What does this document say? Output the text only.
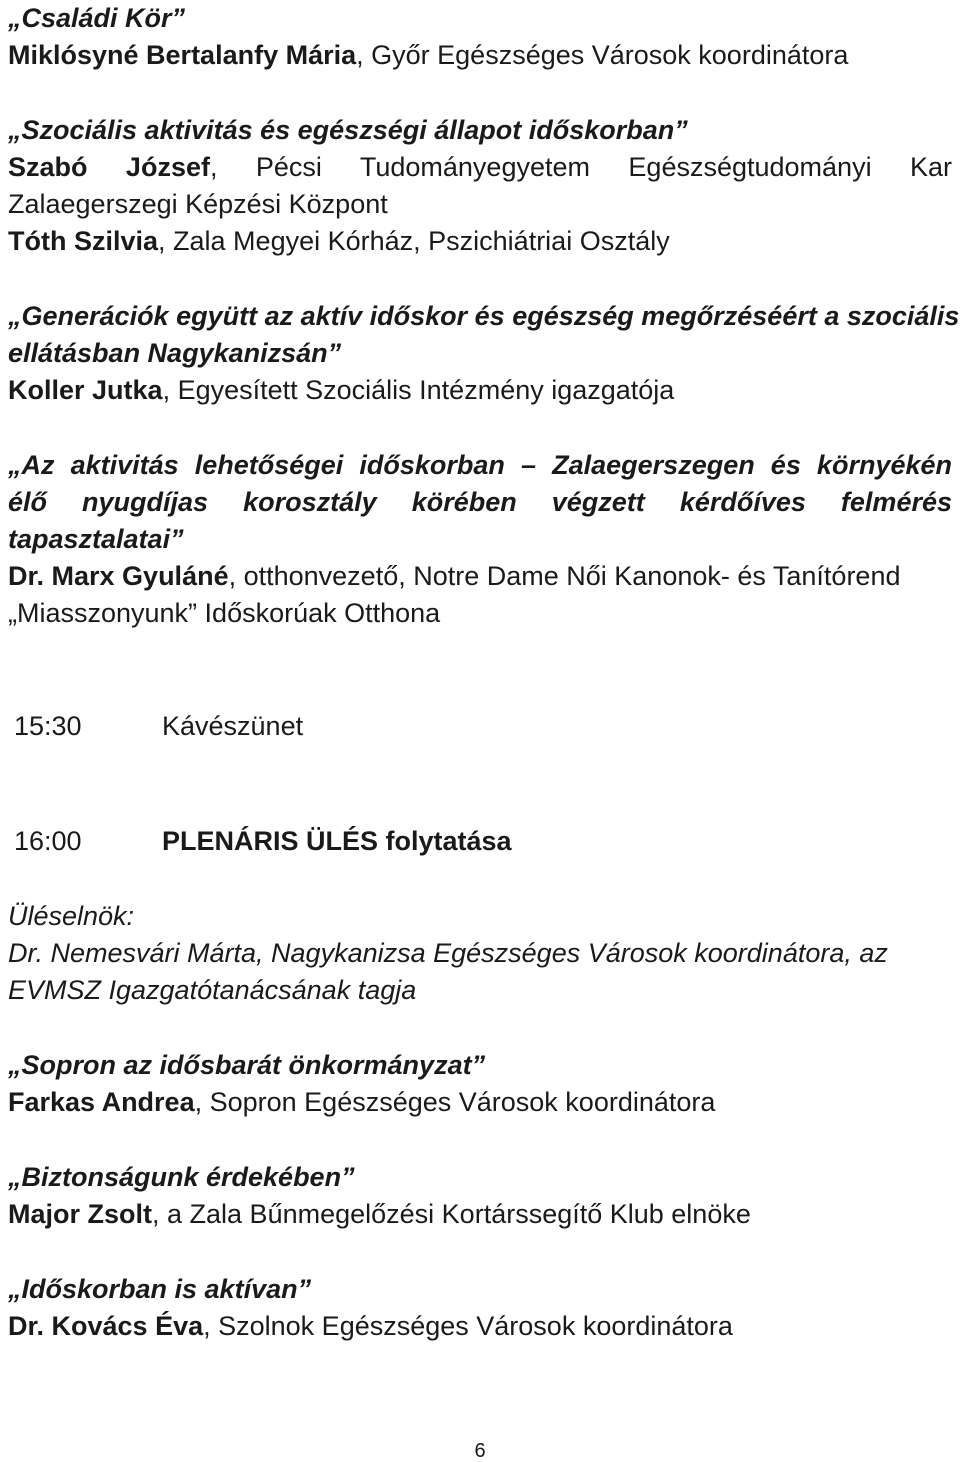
„Családi Kör”

Miklósyné Bertalanfy Mária, Győr Egészséges Városok koordinátora

„Szociális aktivitás és egészségi állapot időskorban”

Szabó József, Pécsi Tudományegyetem Egészségtudományi Kar

Zalaegerszegi Képzési Központ

Tóth Szilvia, Zala Megyei Kórház, Pszichiátriai Osztály

„Generációk együtt az aktív időskor és egészség megőrzéséért a szociális

ellátásban Nagykanizsán”

Koller Jutka, Egyesített Szociális Intézmény igazgatója

„Az aktivitás lehetőségei időskorban – Zalaegerszegen és környékén

élő nyugdíjas korosztály körében végzett kérdőíves felmérés

tapasztalatai”

Dr. Marx Gyuláné, otthonvezető, Notre Dame Női Kanonok- és Tanítórend

„Miasszonyunk” Időskorúak Otthona

15:30	Kávészünet

16:00	PLENÁRIS ÜLÉS folytatása

Üléselnök:

Dr. Nemesvári Márta, Nagykanizsa Egészséges Városok koordinátora, az

EVMSZ Igazgatótanácsának tagja

„Sopron az idősbarát önkormányzat”

Farkas Andrea, Sopron Egészséges Városok koordinátora

„Biztonságunk érdekében”

Major Zsolt, a Zala Bűnmegelőzési Kortárssegítő Klub elnöke

„Időskorban is aktívan”

Dr. Kovács Éva, Szolnok Egészséges Városok koordinátora

6
